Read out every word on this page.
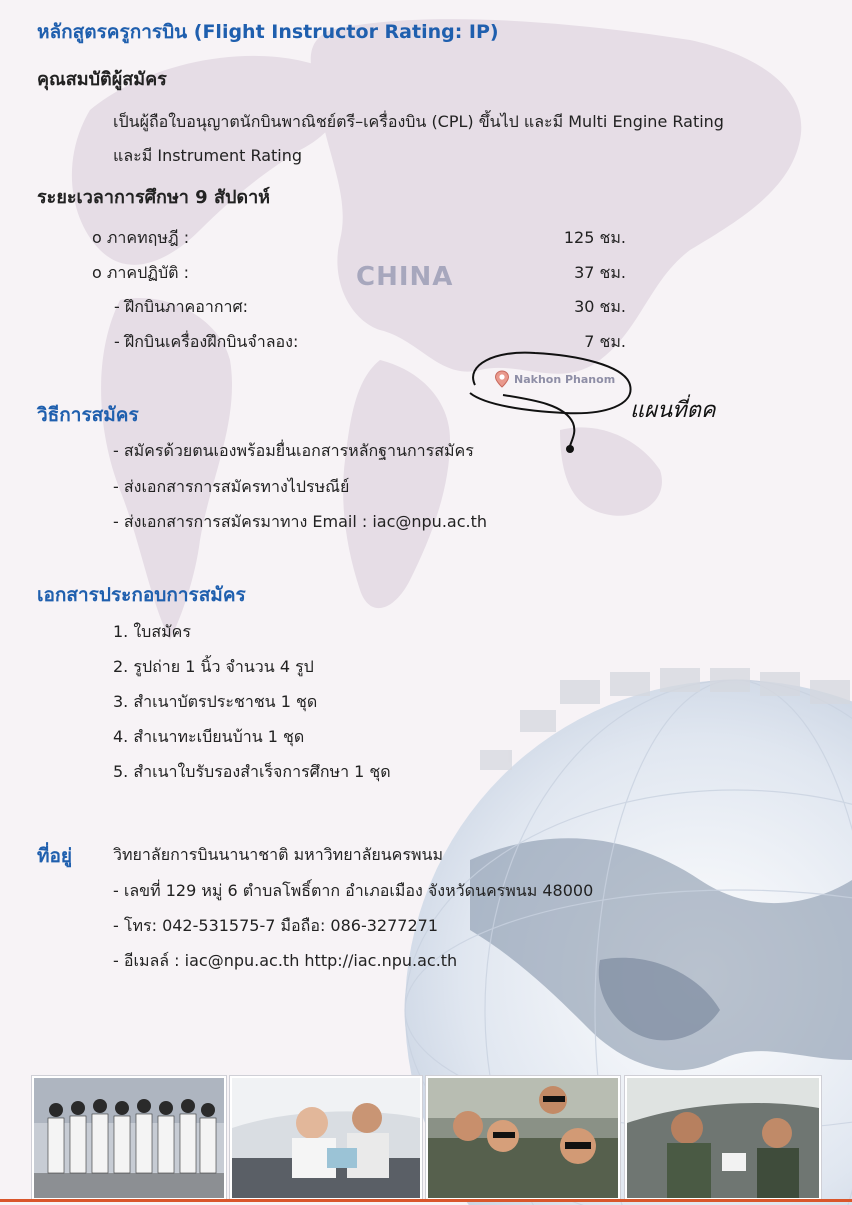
หลักสูตรครูการบิน (Flight Instructor Rating: IP)
คุณสมบัติผู้สมัคร
เป็นผู้ถือใบอนุญาตนักบินพาณิชย์ตรี–เครื่องบิน (CPL) ขึ้นไป และมี Multi Engine Rating
และมี Instrument Rating
ระยะเวลาการศึกษา 9 สัปดาห์
o ภาคทฤษฎี :	125 ชม.
o ภาคปฏิบัติ :	37 ชม.
- ฝึกบินภาคอากาศ:	30 ชม.
- ฝึกบินเครื่องฝึกบินจำลอง:	7 ชม.
CHINA
Nakhon Phanom
แผนที่ตค
วิธีการสมัคร
- สมัครด้วยตนเองพร้อมยื่นเอกสารหลักฐานการสมัคร
- ส่งเอกสารการสมัครทางไปรษณีย์
- ส่งเอกสารการสมัครมาทาง Email : iac@npu.ac.th
เอกสารประกอบการสมัคร
1. ใบสมัคร
2. รูปถ่าย 1 นิ้ว จำนวน 4 รูป
3. สำเนาบัตรประชาชน 1 ชุด
4. สำเนาทะเบียนบ้าน 1 ชุด
5. สำเนาใบรับรองสำเร็จการศึกษา 1 ชุด
ที่อยู่	วิทยาลัยการบินนานาชาติ มหาวิทยาลัยนครพนม
- เลขที่ 129 หมู่ 6 ตำบลโพธิ์ตาก อำเภอเมือง จังหวัดนครพนม 48000
- โทร: 042-531575-7 มือถือ: 086-3277271
- อีเมลล์ : iac@npu.ac.th http://iac.npu.ac.th
